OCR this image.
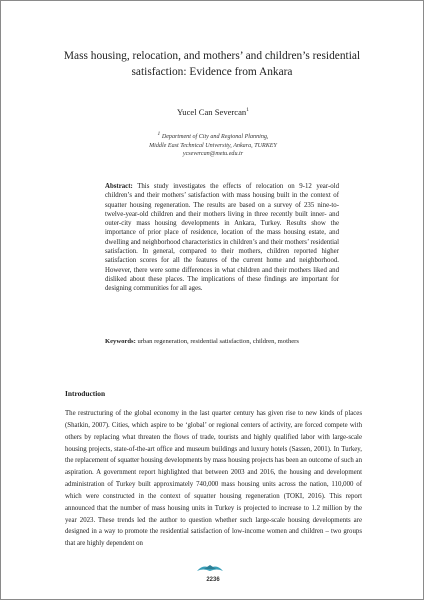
Mass housing, relocation, and mothers’ and children’s residential satisfaction: Evidence from Ankara
Yucel Can Severcan$^1$
$^1$ Department of City and Regional Planning,
Middle East Technical University, Ankara, TURKEY
ycsevercan@metu.edu.tr

Abstract: This study investigates the effects of relocation on 9-12 year-old children’s and their mothers’ satisfaction with mass housing built in the context of squatter housing regeneration. The results are based on a survey of 235 nine-to-twelve-year-old children and their mothers living in three recently built inner- and outer-city mass housing developments in Ankara, Turkey. Results show the importance of prior place of residence, location of the mass housing estate, and dwelling and neighborhood characteristics in children’s and their mothers’ residential satisfaction. In general, compared to their mothers, children reported higher satisfaction scores for all the features of the current home and neighborhood. However, there were some differences in what children and their mothers liked and disliked about these places. The implications of these findings are important for designing communities for all ages.

Keywords: urban regeneration, residential satisfaction, children, mothers
Introduction

The restructuring of the global economy in the last quarter century has given rise to new kinds of places (Shatkin, 2007). Cities, which aspire to be ‘global’ or regional centers of activity, are forced compete with others by replacing what threaten the flows of trade, tourists and highly qualified labor with large-scale housing projects, state-of-the-art office and museum buildings and luxury hotels (Sassen, 2001). In Turkey, the replacement of squatter housing developments by mass housing projects has been an outcome of such an aspiration. A government report highlighted that between 2003 and 2016, the housing and development administration of Turkey built approximately 740,000 mass housing units across the nation, 110,000 of which were constructed in the context of squatter housing regeneration (TOKI, 2016). This report announced that the number of mass housing units in Turkey is projected to increase to 1.2 million by the year 2023. These trends led the author to question whether such large-scale housing developments are designed in a way to promote the residential satisfaction of low-income women and children – two groups that are highly dependent on

2236
